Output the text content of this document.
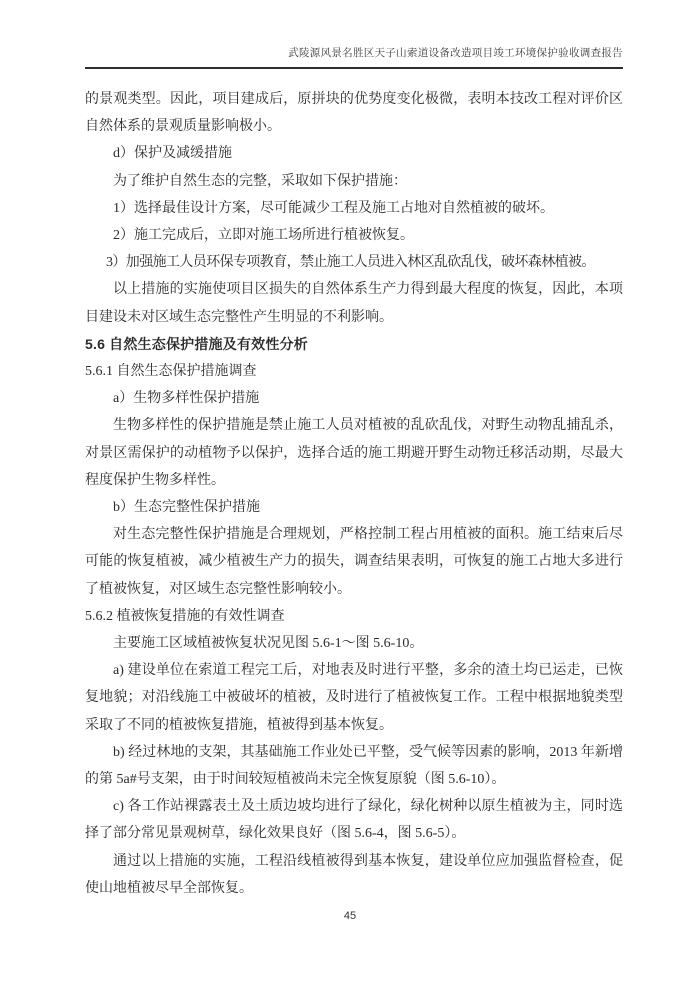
武陵源风景名胜区天子山索道设备改造项目竣工环境保护验收调查报告

的景观类型。因此，项目建成后，原拼块的优势度变化极微，表明本技改工程对评价区自然体系的景观质量影响极小。

d）保护及减缓措施

为了维护自然生态的完整，采取如下保护措施：

1）选择最佳设计方案，尽可能减少工程及施工占地对自然植被的破坏。

2）施工完成后，立即对施工场所进行植被恢复。

3）加强施工人员环保专项教育，禁止施工人员进入林区乱砍乱伐，破坏森林植被。

以上措施的实施使项目区损失的自然体系生产力得到最大程度的恢复，因此，本项目建设未对区域生态完整性产生明显的不利影响。

5.6 自然生态保护措施及有效性分析

5.6.1 自然生态保护措施调查

a）生物多样性保护措施

生物多样性的保护措施是禁止施工人员对植被的乱砍乱伐，对野生动物乱捕乱杀，对景区需保护的动植物予以保护，选择合适的施工期避开野生动物迁移活动期，尽最大程度保护生物多样性。

b）生态完整性保护措施

对生态完整性保护措施是合理规划，严格控制工程占用植被的面积。施工结束后尽可能的恢复植被，减少植被生产力的损失，调查结果表明，可恢复的施工占地大多进行了植被恢复，对区域生态完整性影响较小。

5.6.2 植被恢复措施的有效性调查

主要施工区域植被恢复状况见图 5.6-1～图 5.6-10。

a) 建设单位在索道工程完工后，对地表及时进行平整，多余的渣土均已运走，已恢复地貌；对沿线施工中被破坏的植被，及时进行了植被恢复工作。工程中根据地貌类型采取了不同的植被恢复措施，植被得到基本恢复。

b) 经过林地的支架，其基础施工作业处已平整，受气候等因素的影响，2013 年新增的第 5a#号支架，由于时间较短植被尚未完全恢复原貌（图 5.6-10）。

c) 各工作站裸露表土及土质边坡均进行了绿化，绿化树种以原生植被为主，同时选择了部分常见景观树草，绿化效果良好（图 5.6-4，图 5.6-5）。

通过以上措施的实施，工程沿线植被得到基本恢复，建设单位应加强监督检查，促使山地植被尽早全部恢复。

45
